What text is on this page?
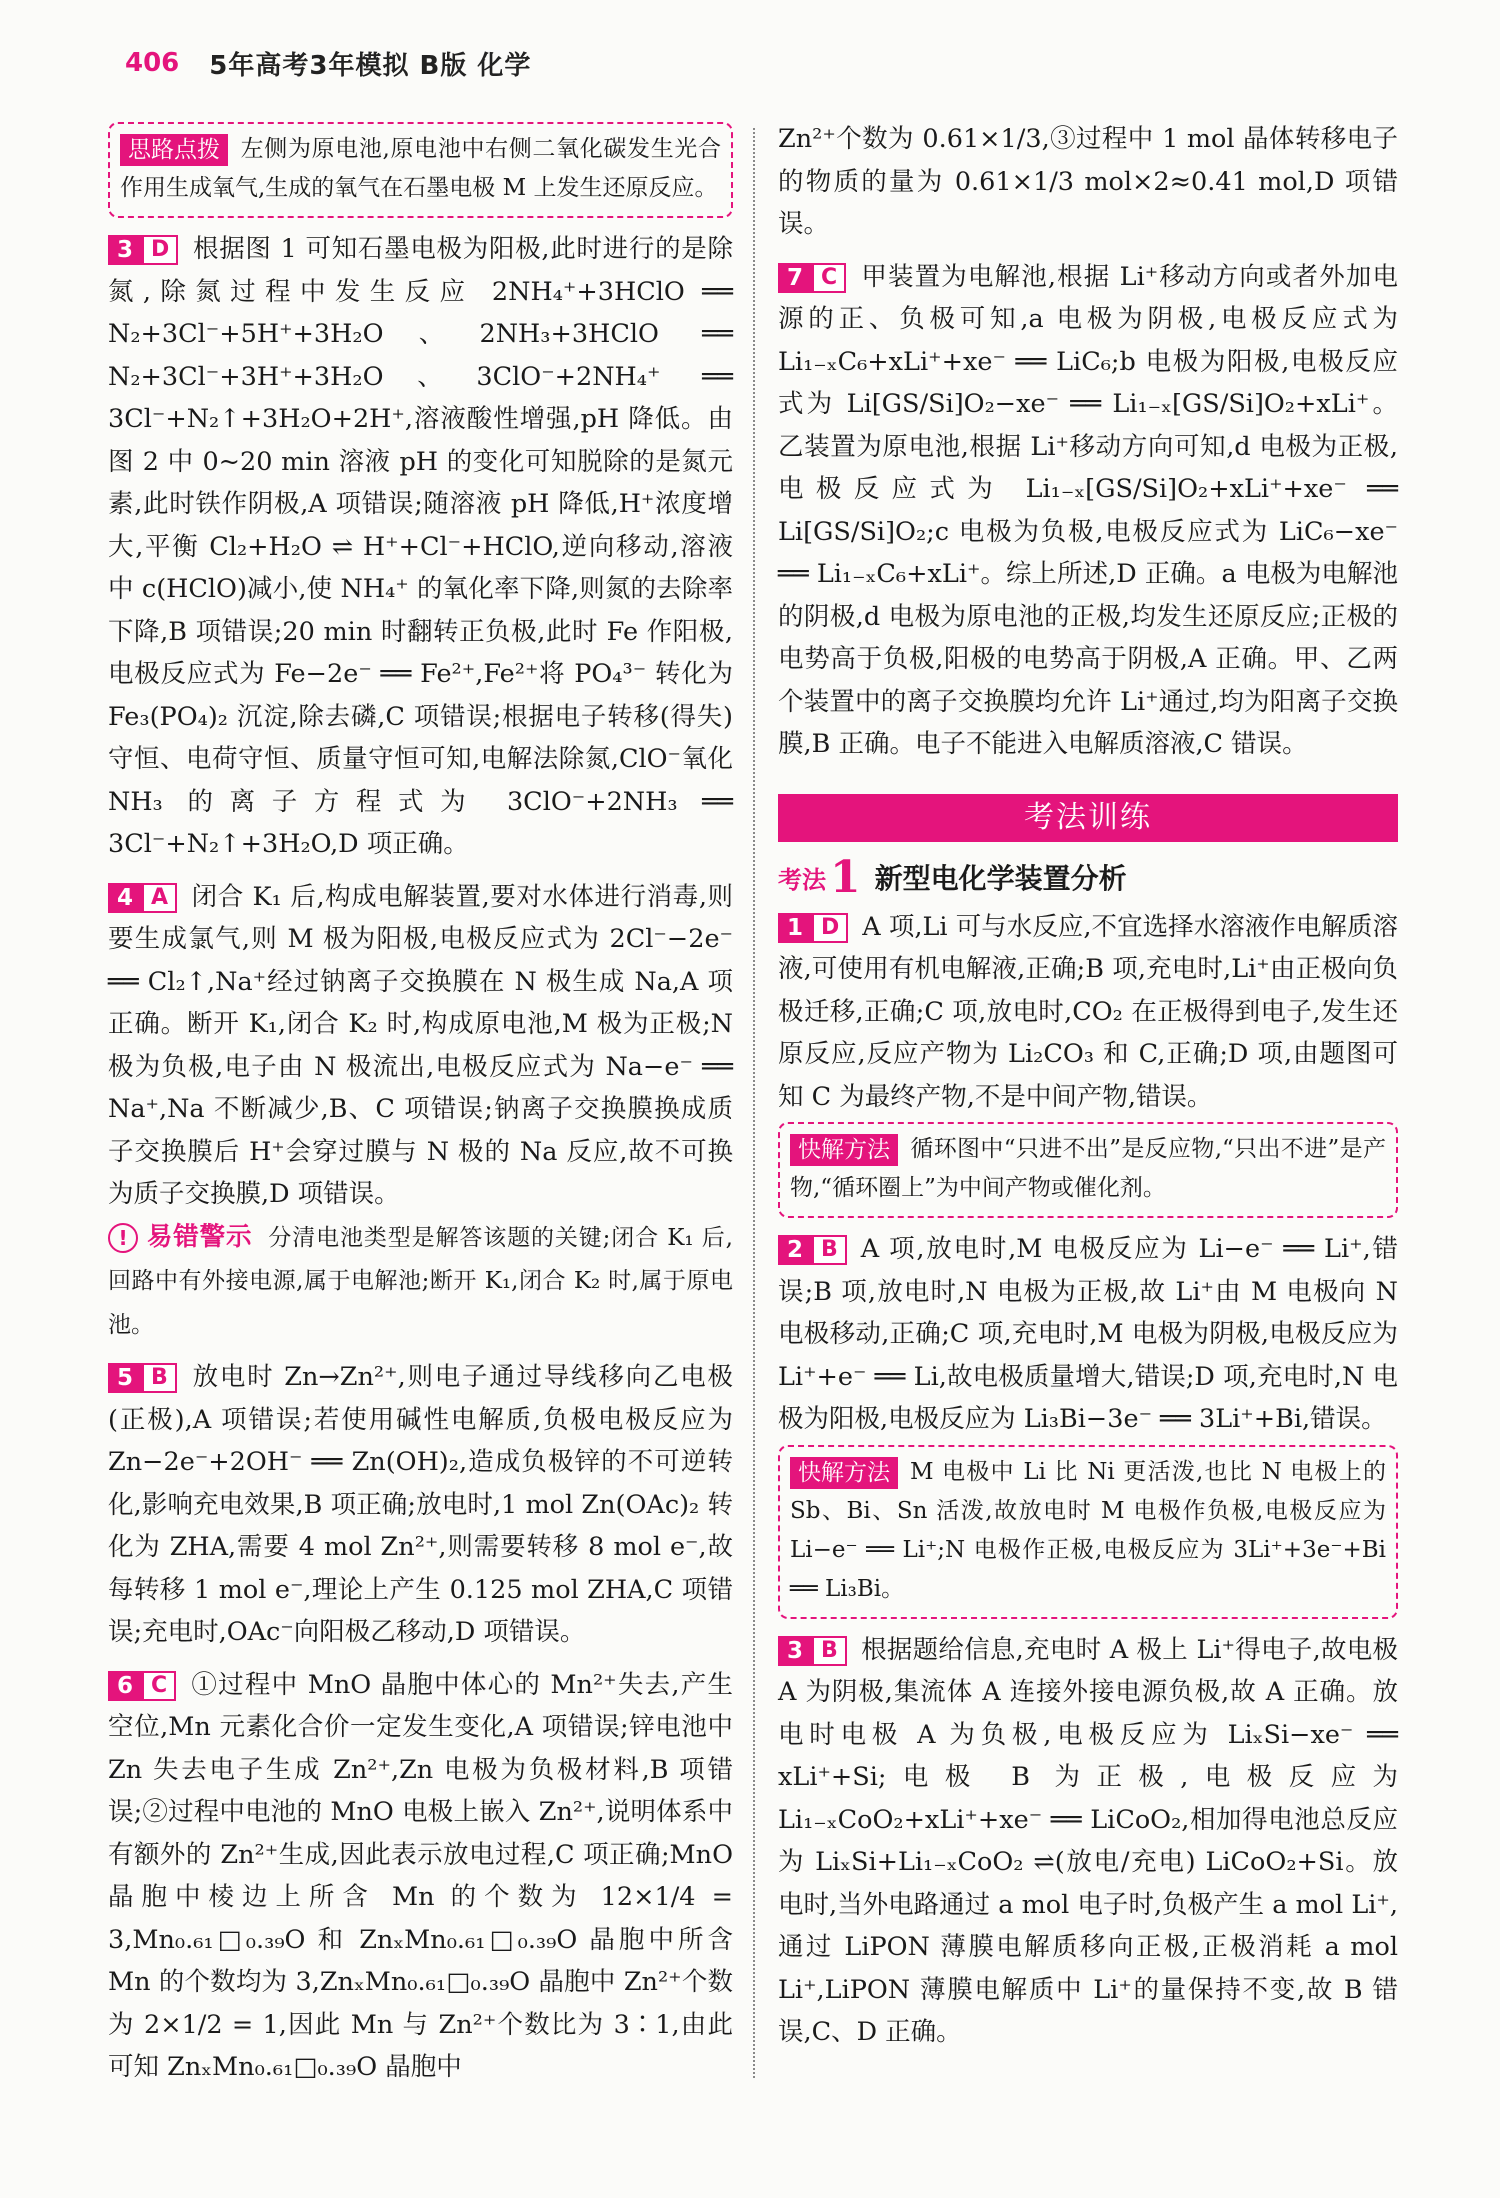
406 5年高考3年模拟 B版 化学
思路点拨 左侧为原电池,原电池中右侧二氧化碳发生光合作用生成氧气,生成的氧气在石墨电极 M 上发生还原反应。

3 D 根据图 1 可知石墨电极为阳极,此时进行的是除氮,除氮过程中发生反应 2NH₄⁺+3HClO ══ N₂+3Cl⁻+5H⁺+3H₂O、2NH₃+3HClO ══ N₂+3Cl⁻+3H⁺+3H₂O、3ClO⁻+2NH₄⁺ ══ 3Cl⁻+N₂↑+3H₂O+2H⁺,溶液酸性增强,pH 降低。由图 2 中 0~20 min 溶液 pH 的变化可知脱除的是氮元素,此时铁作阴极,A 项错误;随溶液 pH 降低,H⁺浓度增大,平衡 Cl₂+H₂O ⇌ H⁺+Cl⁻+HClO,逆向移动,溶液中 c(HClO)减小,使 NH₄⁺ 的氧化率下降,则氮的去除率下降,B 项错误;20 min 时翻转正负极,此时 Fe 作阳极,电极反应式为 Fe−2e⁻ ══ Fe²⁺,Fe²⁺将 PO₄³⁻ 转化为 Fe₃(PO₄)₂ 沉淀,除去磷,C 项错误;根据电子转移(得失)守恒、电荷守恒、质量守恒可知,电解法除氮,ClO⁻氧化 NH₃ 的离子方程式为 3ClO⁻+2NH₃ ══ 3Cl⁻+N₂↑+3H₂O,D 项正确。

4 A 闭合 K₁ 后,构成电解装置,要对水体进行消毒,则要生成氯气,则 M 极为阳极,电极反应式为 2Cl⁻−2e⁻ ══ Cl₂↑,Na⁺经过钠离子交换膜在 N 极生成 Na,A 项正确。断开 K₁,闭合 K₂ 时,构成原电池,M 极为正极;N 极为负极,电子由 N 极流出,电极反应式为 Na−e⁻ ══ Na⁺,Na 不断减少,B、C 项错误;钠离子交换膜换成质子交换膜后 H⁺会穿过膜与 N 极的 Na 反应,故不可换为质子交换膜,D 项错误。

! 易错警示 分清电池类型是解答该题的关键;闭合 K₁ 后,回路中有外接电源,属于电解池;断开 K₁,闭合 K₂ 时,属于原电池。

5 B 放电时 Zn→Zn²⁺,则电子通过导线移向乙电极(正极),A 项错误;若使用碱性电解质,负极电极反应为 Zn−2e⁻+2OH⁻ ══ Zn(OH)₂,造成负极锌的不可逆转化,影响充电效果,B 项正确;放电时,1 mol Zn(OAc)₂ 转化为 ZHA,需要 4 mol Zn²⁺,则需要转移 8 mol e⁻,故每转移 1 mol e⁻,理论上产生 0.125 mol ZHA,C 项错误;充电时,OAc⁻向阳极乙移动,D 项错误。

6 C ①过程中 MnO 晶胞中体心的 Mn²⁺失去,产生空位,Mn 元素化合价一定发生变化,A 项错误;锌电池中 Zn 失去电子生成 Zn²⁺,Zn 电极为负极材料,B 项错误;②过程中电池的 MnO 电极上嵌入 Zn²⁺,说明体系中有额外的 Zn²⁺生成,因此表示放电过程,C 项正确;MnO 晶胞中棱边上所含 Mn 的个数为 12×1/4 = 3,Mn₀.₆₁□₀.₃₉O 和 ZnₓMn₀.₆₁□₀.₃₉O 晶胞中所含 Mn 的个数均为 3,ZnₓMn₀.₆₁□₀.₃₉O 晶胞中 Zn²⁺个数为 2×1/2 = 1,因此 Mn 与 Zn²⁺个数比为 3∶1,由此可知 ZnₓMn₀.₆₁□₀.₃₉O 晶胞中

Zn²⁺个数为 0.61×1/3,③过程中 1 mol 晶体转移电子的物质的量为 0.61×1/3 mol×2≈0.41 mol,D 项错误。

7 C 甲装置为电解池,根据 Li⁺移动方向或者外加电源的正、负极可知,a 电极为阴极,电极反应式为 Li₁₋ₓC₆+xLi⁺+xe⁻ ══ LiC₆;b 电极为阳极,电极反应式为 Li[GS/Si]O₂−xe⁻ ══ Li₁₋ₓ[GS/Si]O₂+xLi⁺。乙装置为原电池,根据 Li⁺移动方向可知,d 电极为正极,电极反应式为 Li₁₋ₓ[GS/Si]O₂+xLi⁺+xe⁻ ══ Li[GS/Si]O₂;c 电极为负极,电极反应式为 LiC₆−xe⁻ ══ Li₁₋ₓC₆+xLi⁺。综上所述,D 正确。a 电极为电解池的阴极,d 电极为原电池的正极,均发生还原反应;正极的电势高于负极,阳极的电势高于阴极,A 正确。甲、乙两个装置中的离子交换膜均允许 Li⁺通过,均为阳离子交换膜,B 正确。电子不能进入电解质溶液,C 错误。

考法训练
考法1 新型电化学装置分析

1 D A 项,Li 可与水反应,不宜选择水溶液作电解质溶液,可使用有机电解液,正确;B 项,充电时,Li⁺由正极向负极迁移,正确;C 项,放电时,CO₂ 在正极得到电子,发生还原反应,反应产物为 Li₂CO₃ 和 C,正确;D 项,由题图可知 C 为最终产物,不是中间产物,错误。

快解方法 循环图中“只进不出”是反应物,“只出不进”是产物,“循环圈上”为中间产物或催化剂。

2 B A 项,放电时,M 电极反应为 Li−e⁻ ══ Li⁺,错误;B 项,放电时,N 电极为正极,故 Li⁺由 M 电极向 N 电极移动,正确;C 项,充电时,M 电极为阴极,电极反应为 Li⁺+e⁻ ══ Li,故电极质量增大,错误;D 项,充电时,N 电极为阳极,电极反应为 Li₃Bi−3e⁻ ══ 3Li⁺+Bi,错误。

快解方法 M 电极中 Li 比 Ni 更活泼,也比 N 电极上的 Sb、Bi、Sn 活泼,故放电时 M 电极作负极,电极反应为 Li−e⁻ ══ Li⁺;N 电极作正极,电极反应为 3Li⁺+3e⁻+Bi ══ Li₃Bi。

3 B 根据题给信息,充电时 A 极上 Li⁺得电子,故电极 A 为阴极,集流体 A 连接外接电源负极,故 A 正确。放电时电极 A 为负极,电极反应为 LiₓSi−xe⁻ ══ xLi⁺+Si;电极 B 为正极,电极反应为 Li₁₋ₓCoO₂+xLi⁺+xe⁻ ══ LiCoO₂,相加得电池总反应为 LiₓSi+Li₁₋ₓCoO₂ ⇌(放电/充电) LiCoO₂+Si。放电时,当外电路通过 a mol 电子时,负极产生 a mol Li⁺,通过 LiPON 薄膜电解质移向正极,正极消耗 a mol Li⁺,LiPON 薄膜电解质中 Li⁺的量保持不变,故 B 错误,C、D 正确。
